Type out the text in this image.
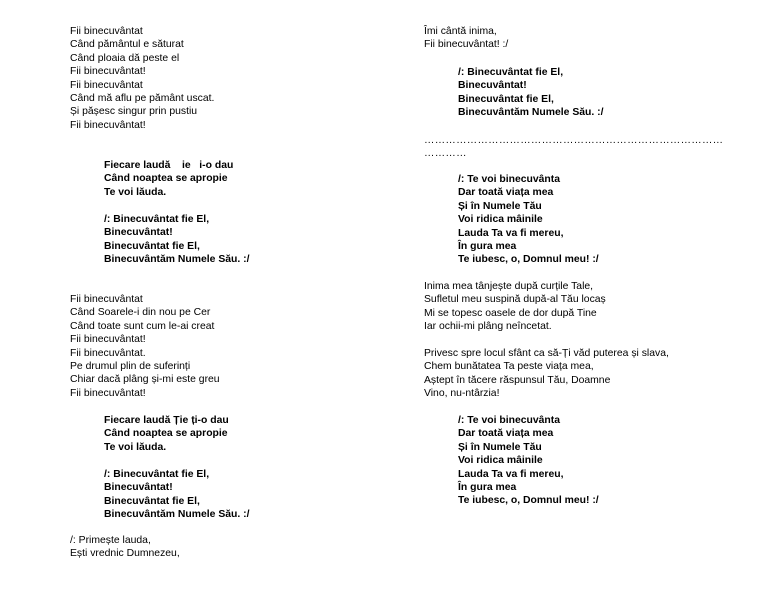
Fii binecuvântat
Când pământul e săturat
Când ploaia dă peste el
Fii binecuvântat!
Fii binecuvântat
Când mă aflu pe pământ uscat.
Și pășesc singur prin pustiu
Fii binecuvântat!
Fiecare laudă    ie   i-o dau
Când noaptea se apropie
Te voi lăuda.
/: Binecuvântat fie El,
Binecuvântat!
Binecuvântat fie El,
Binecuvântăm Numele Său. :/
Fii binecuvântat
Când Soarele-i din nou pe Cer
Când toate sunt cum le-ai creat
Fii binecuvântat!
Fii binecuvântat.
Pe drumul plin de suferinți
Chiar dacă plâng și-mi este greu
Fii binecuvântat!
Fiecare laudă Ție ți-o dau
Când noaptea se apropie
Te voi lăuda.
/: Binecuvântat fie El,
Binecuvântat!
Binecuvântat fie El,
Binecuvântăm Numele Său. :/
/: Primește lauda,
Ești vrednic Dumnezeu,
Îmi cântă inima,
Fii binecuvântat! :/
/: Binecuvântat fie El,
Binecuvântat!
Binecuvântat fie El,
Binecuvântăm Numele Său. :/
…………………………………………………………………………
…………
/: Te voi binecuvânta
Dar toată viața mea
Și în Numele Tău
Voi ridica mâinile
Lauda Ta va fi mereu,
În gura mea
Te iubesc, o, Domnul meu! :/
Inima mea tânjește după curțile Tale,
Sufletul meu suspină după-al Tău locaș
Mi se topesc oasele de dor după Tine
Iar ochii-mi plâng neîncetat.
Privesc spre locul sfânt ca să-Ți văd puterea și slava,
Chem bunătatea Ta peste viața mea,
Aștept în tăcere răspunsul Tău, Doamne
Vino, nu-ntârzia!
/: Te voi binecuvânta
Dar toată viața mea
Și în Numele Tău
Voi ridica mâinile
Lauda Ta va fi mereu,
În gura mea
Te iubesc, o, Domnul meu! :/
